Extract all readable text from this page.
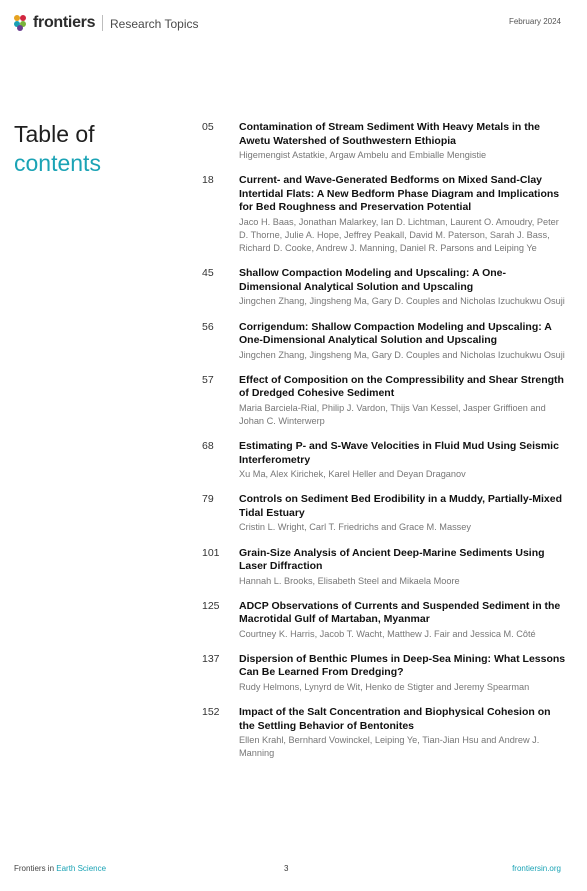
frontiers Research Topics	February 2024
Table of
contents
05 Contamination of Stream Sediment With Heavy Metals in the Awetu Watershed of Southwestern Ethiopia
Higemengist Astatkie, Argaw Ambelu and Embialle Mengistie
18 Current- and Wave-Generated Bedforms on Mixed Sand-Clay Intertidal Flats: A New Bedform Phase Diagram and Implications for Bed Roughness and Preservation Potential
Jaco H. Baas, Jonathan Malarkey, Ian D. Lichtman, Laurent O. Amoudry, Peter D. Thorne, Julie A. Hope, Jeffrey Peakall, David M. Paterson, Sarah J. Bass, Richard D. Cooke, Andrew J. Manning, Daniel R. Parsons and Leiping Ye
45 Shallow Compaction Modeling and Upscaling: A One-Dimensional Analytical Solution and Upscaling
Jingchen Zhang, Jingsheng Ma, Gary D. Couples and Nicholas Izuchukwu Osuji
56 Corrigendum: Shallow Compaction Modeling and Upscaling: A One-Dimensional Analytical Solution and Upscaling
Jingchen Zhang, Jingsheng Ma, Gary D. Couples and Nicholas Izuchukwu Osuji
57 Effect of Composition on the Compressibility and Shear Strength of Dredged Cohesive Sediment
Maria Barciela-Rial, Philip J. Vardon, Thijs Van Kessel, Jasper Griffioen and Johan C. Winterwerp
68 Estimating P- and S-Wave Velocities in Fluid Mud Using Seismic Interferometry
Xu Ma, Alex Kirichek, Karel Heller and Deyan Draganov
79 Controls on Sediment Bed Erodibility in a Muddy, Partially-Mixed Tidal Estuary
Cristin L. Wright, Carl T. Friedrichs and Grace M. Massey
101 Grain-Size Analysis of Ancient Deep-Marine Sediments Using Laser Diffraction
Hannah L. Brooks, Elisabeth Steel and Mikaela Moore
125 ADCP Observations of Currents and Suspended Sediment in the Macrotidal Gulf of Martaban, Myanmar
Courtney K. Harris, Jacob T. Wacht, Matthew J. Fair and Jessica M. Côté
137 Dispersion of Benthic Plumes in Deep-Sea Mining: What Lessons Can Be Learned From Dredging?
Rudy Helmons, Lynyrd de Wit, Henko de Stigter and Jeremy Spearman
152 Impact of the Salt Concentration and Biophysical Cohesion on the Settling Behavior of Bentonites
Ellen Krahl, Bernhard Vowinckel, Leiping Ye, Tian-Jian Hsu and Andrew J. Manning
Frontiers in Earth Science	3	frontiersin.org
